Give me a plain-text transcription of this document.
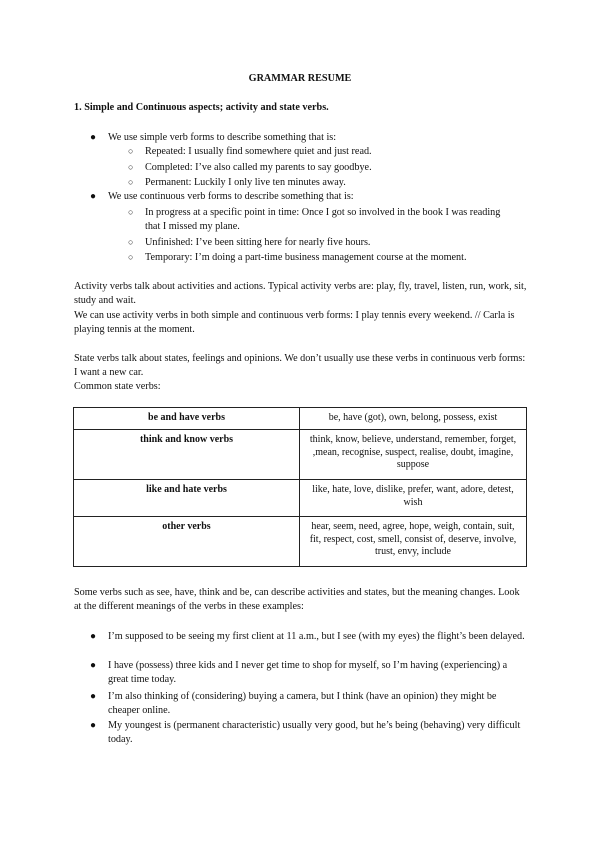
GRAMMAR RESUME
1. Simple and Continuous aspects; activity and state verbs.
● We use simple verb forms to describe something that is:
○ Repeated: I usually find somewhere quiet and just read.
○ Completed: I’ve also called my parents to say goodbye.
○ Permanent: Luckily I only live ten minutes away.
● We use continuous verb forms to describe something that is:
○ In progress at a specific point in time: Once I got so involved in the book I was reading that I missed my plane.
○ Unfinished: I’ve been sitting here for nearly five hours.
○ Temporary: I’m doing a part-time business management course at the moment.
Activity verbs talk about activities and actions. Typical activity verbs are: play, fly, travel, listen, run, work, sit, study and wait.
We can use activity verbs in both simple and continuous verb forms: I play tennis every weekend. // Carla is playing tennis at the moment.
State verbs talk about states, feelings and opinions. We don’t usually use these verbs in continuous verb forms: I want a new car.
Common state verbs:
be and have verbs	be, have (got), own, belong, possess, exist
think and know verbs	think, know, believe, understand, remember, forget, ,mean, recognise, suspect, realise, doubt, imagine, suppose
like and hate verbs	like, hate, love, dislike, prefer, want, adore, detest, wish
other verbs	hear, seem, need, agree, hope, weigh, contain, suit, fit, respect, cost, smell, consist of, deserve, involve, trust, envy, include
Some verbs such as see, have, think and be, can describe activities and states, but the meaning changes. Look at the different meanings of the verbs in these examples:
● I’m supposed to be seeing my first client at 11 a.m., but I see (with my eyes) the flight’s been delayed.
● I have (possess) three kids and I never get time to shop for myself, so I’m having (experiencing) a great time today.
● I’m also thinking of (considering) buying a camera, but I think (have an opinion) they might be cheaper online.
● My youngest is (permanent characteristic) usually very good, but he’s being (behaving) very difficult today.
